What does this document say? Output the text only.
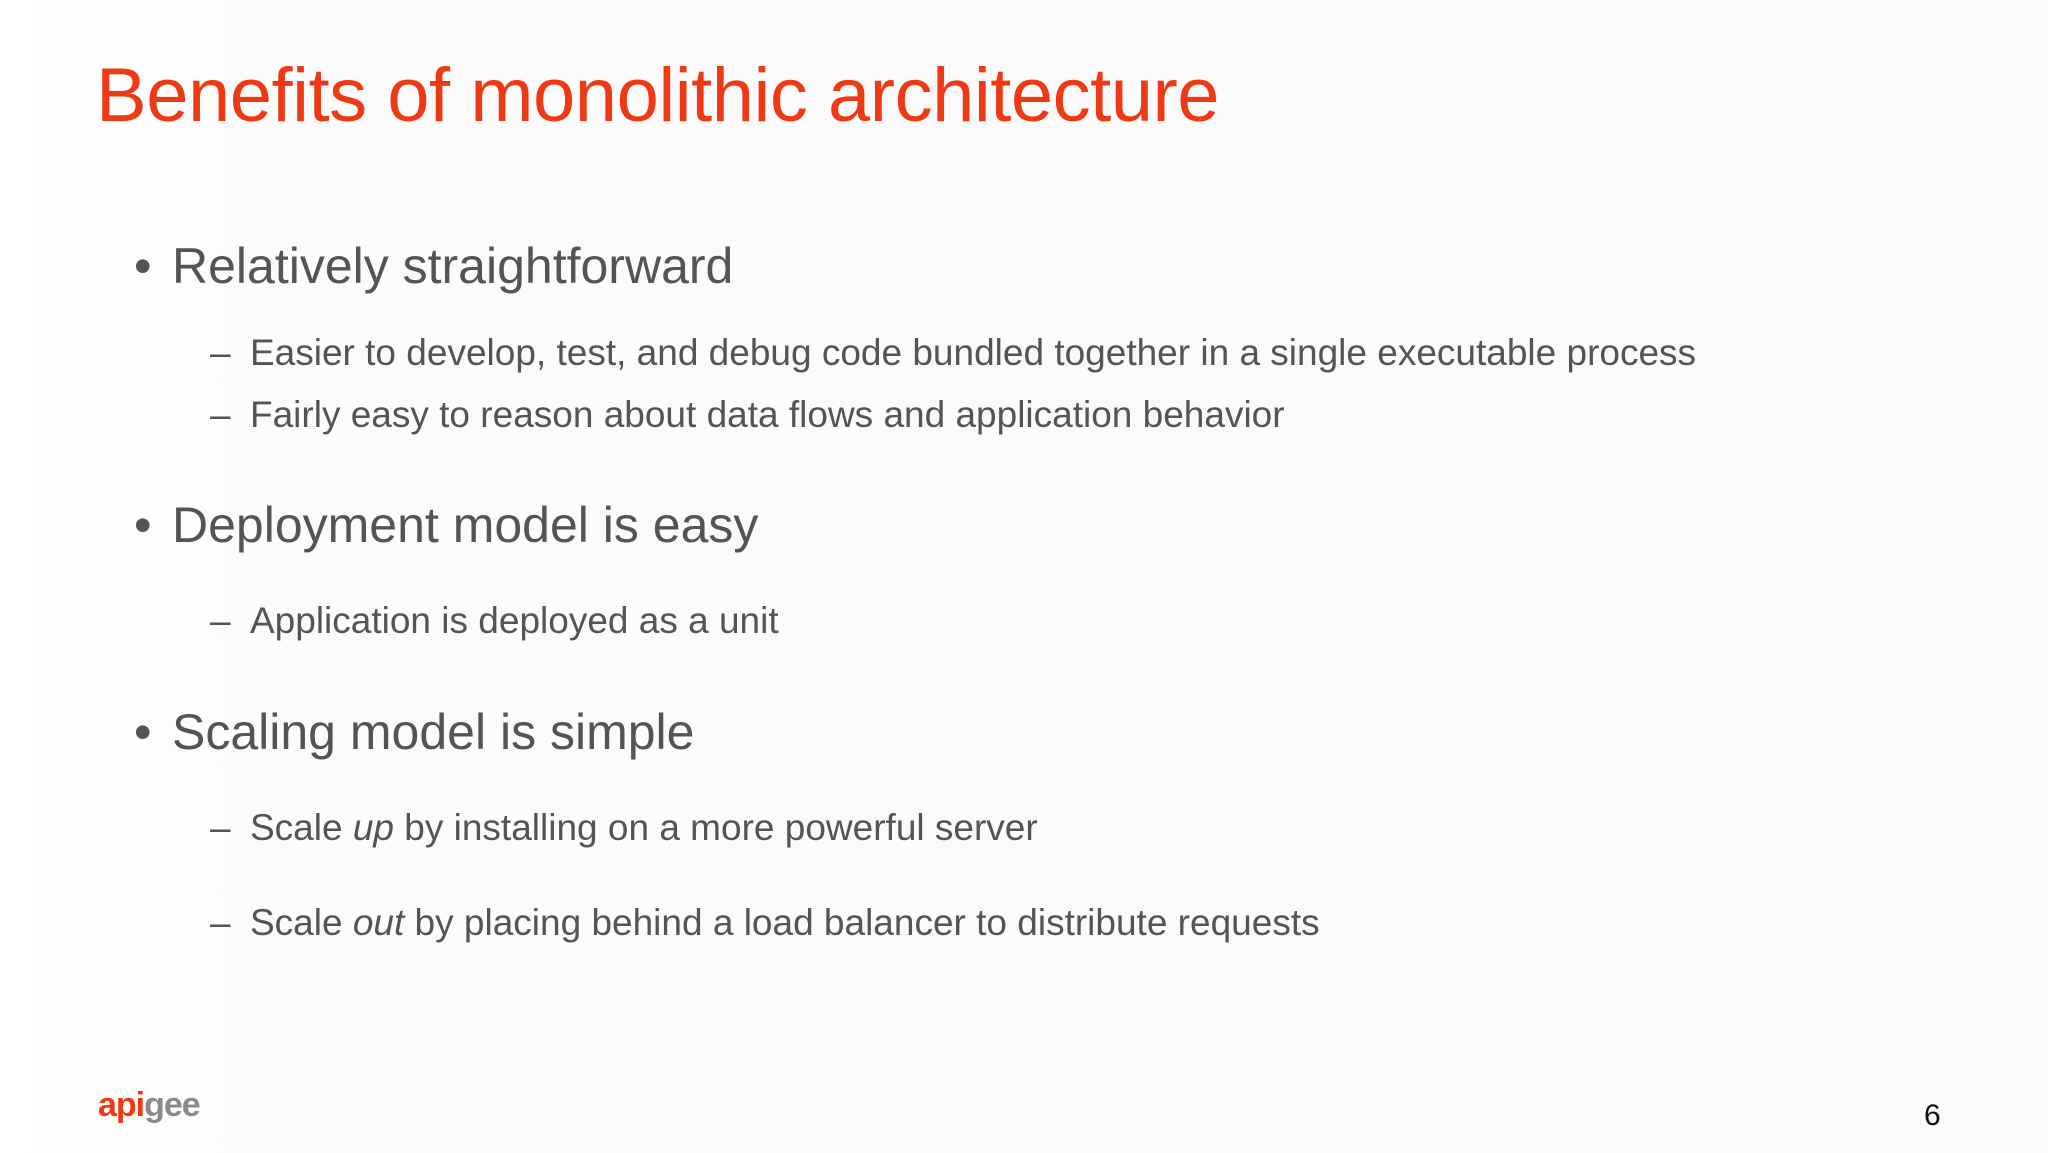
Benefits of monolithic architecture
• Relatively straightforward
– Easier to develop, test, and debug code bundled together in a single executable process
– Fairly easy to reason about data flows and application behavior
• Deployment model is easy
– Application is deployed as a unit
• Scaling model is simple
– Scale up by installing on a more powerful server
– Scale out by placing behind a load balancer to distribute requests
apigee	6
